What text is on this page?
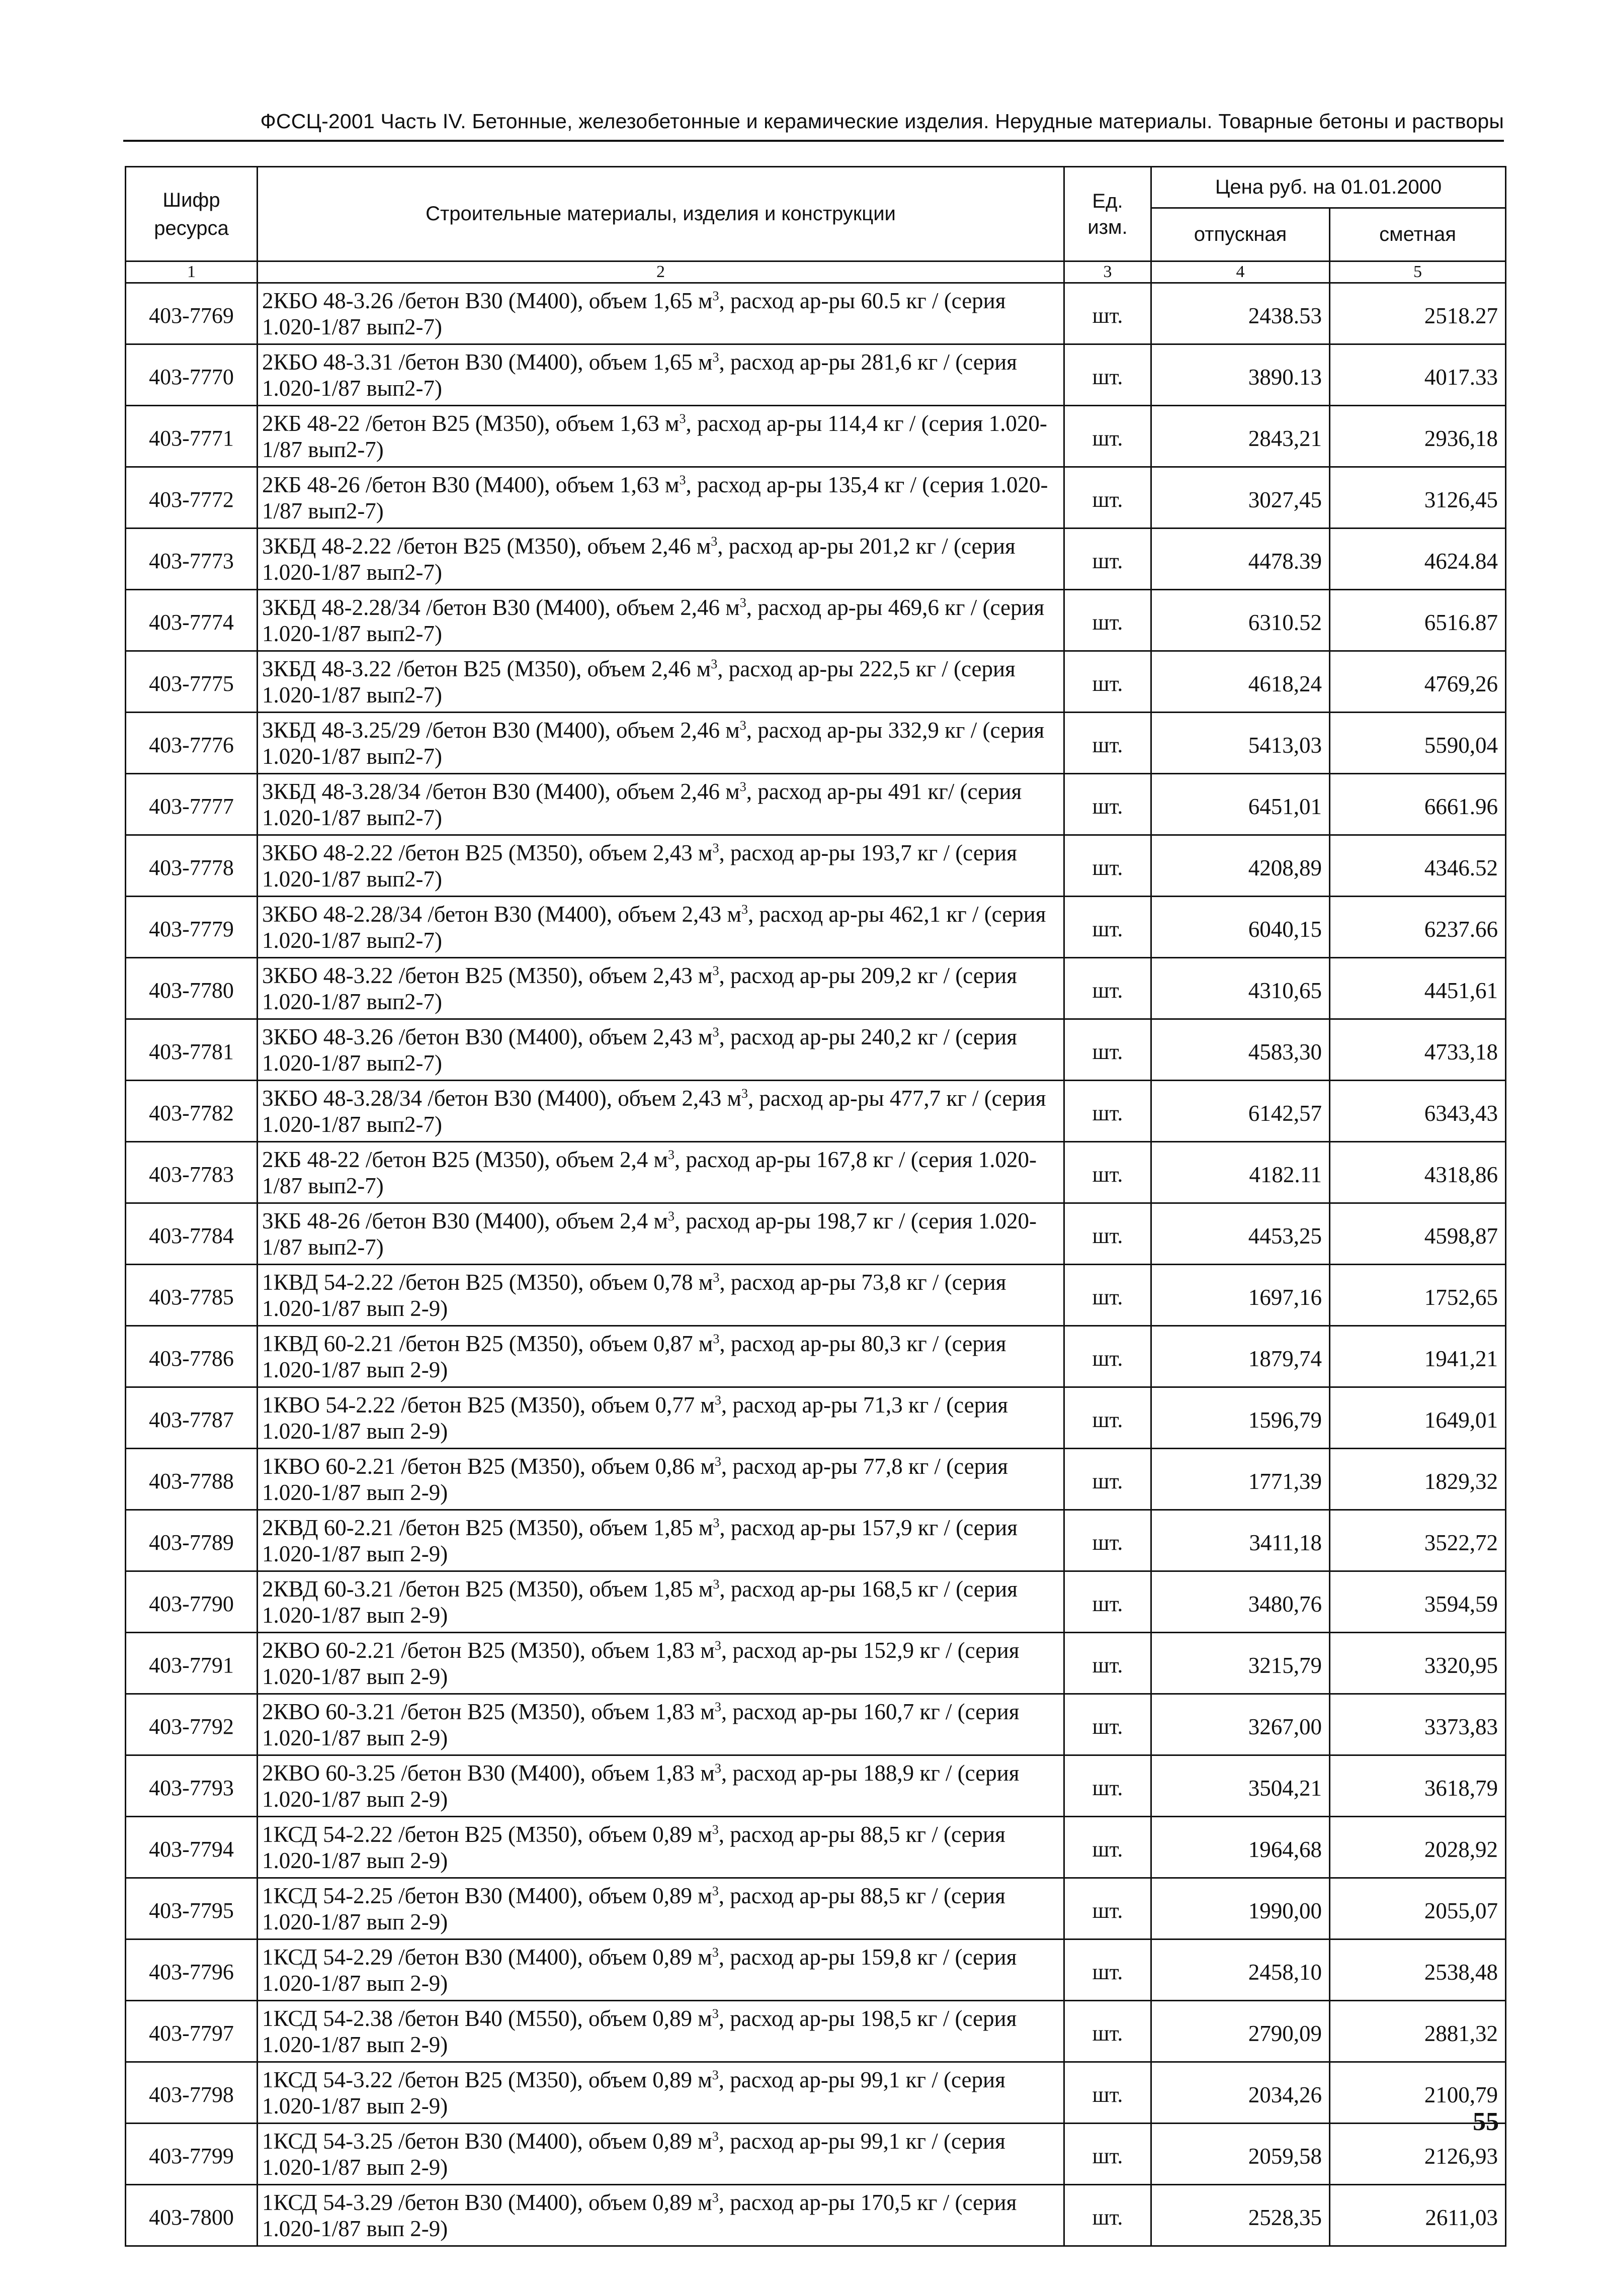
ФССЦ-2001 Часть IV. Бетонные, железобетонные и керамические изделия. Нерудные материалы. Товарные бетоны и растворы
Шифр ресурса	Строительные материалы, изделия и конструкции	Ед. изм.	Цена руб. на 01.01.2000	
			отпускная	сметная
1	2	3	4	5
403-7769	2КБО 48-3.26 /бетон В30 (М400), объем 1,65 $м^3$, расход ар-ры 60.5 кг / (серия 1.020-1/87 вып2-7)	шт.	2438.53	2518.27
403-7770	2КБО 48-3.31 /бетон В30 (М400), объем 1,65 $м^3$, расход ар-ры 281,6 кг / (серия 1.020-1/87 вып2-7)	шт.	3890.13	4017.33
403-7771	2КБ 48-22 /бетон В25 (М350), объем 1,63 $м^3$, расход ар-ры 114,4 кг / (серия 1.020-1/87 вып2-7)	шт.	2843,21	2936,18
403-7772	2КБ 48-26 /бетон В30 (М400), объем 1,63 $м^3$, расход ар-ры 135,4 кг / (серия 1.020-1/87 вып2-7)	шт.	3027,45	3126,45
403-7773	3КБД 48-2.22 /бетон В25 (М350), объем 2,46 $м^3$, расход ар-ры 201,2 кг / (серия 1.020-1/87 вып2-7)	шт.	4478.39	4624.84
403-7774	3КБД 48-2.28/34 /бетон В30 (М400), объем 2,46 $м^3$, расход ар-ры 469,6 кг / (серия 1.020-1/87 вып2-7)	шт.	6310.52	6516.87
403-7775	3КБД 48-3.22 /бетон В25 (М350), объем 2,46 $м^3$, расход ар-ры 222,5 кг / (серия 1.020-1/87 вып2-7)	шт.	4618,24	4769,26
403-7776	3КБД 48-3.25/29 /бетон В30 (М400), объем 2,46 $м^3$, расход ар-ры 332,9 кг / (серия 1.020-1/87 вып2-7)	шт.	5413,03	5590,04
403-7777	3КБД 48-3.28/34 /бетон В30 (М400), объем 2,46 $м^3$, расход ар-ры 491 кг/ (серия 1.020-1/87 вып2-7)	шт.	6451,01	6661.96
403-7778	3КБО 48-2.22 /бетон В25 (М350), объем 2,43 $м^3$, расход ар-ры 193,7 кг / (серия 1.020-1/87 вып2-7)	шт.	4208,89	4346.52
403-7779	3КБО 48-2.28/34 /бетон В30 (М400), объем 2,43 $м^3$, расход ар-ры 462,1 кг / (серия 1.020-1/87 вып2-7)	шт.	6040,15	6237.66
403-7780	3КБО 48-3.22 /бетон В25 (М350), объем 2,43 $м^3$, расход ар-ры 209,2 кг / (серия 1.020-1/87 вып2-7)	шт.	4310,65	4451,61
403-7781	3КБО 48-3.26 /бетон В30 (М400), объем 2,43 $м^3$, расход ар-ры 240,2 кг / (серия 1.020-1/87 вып2-7)	шт.	4583,30	4733,18
403-7782	3КБО 48-3.28/34 /бетон В30 (М400), объем 2,43 $м^3$, расход ар-ры 477,7 кг / (серия 1.020-1/87 вып2-7)	шт.	6142,57	6343,43
403-7783	2КБ 48-22 /бетон В25 (М350), объем 2,4 $м^3$, расход ар-ры 167,8 кг / (серия 1.020-1/87 вып2-7)	шт.	4182.11	4318,86
403-7784	3КБ 48-26 /бетон В30 (М400), объем 2,4 $м^3$, расход ар-ры 198,7 кг / (серия 1.020-1/87 вып2-7)	шт.	4453,25	4598,87
403-7785	1КВД 54-2.22 /бетон В25 (М350), объем 0,78 $м^3$, расход ар-ры 73,8 кг / (серия 1.020-1/87 вып 2-9)	шт.	1697,16	1752,65
403-7786	1КВД 60-2.21 /бетон В25 (М350), объем 0,87 $м^3$, расход ар-ры 80,3 кг / (серия 1.020-1/87 вып 2-9)	шт.	1879,74	1941,21
403-7787	1КВО 54-2.22 /бетон В25 (М350), объем 0,77 $м^3$, расход ар-ры 71,3 кг / (серия 1.020-1/87 вып 2-9)	шт.	1596,79	1649,01
403-7788	1КВО 60-2.21 /бетон В25 (М350), объем 0,86 $м^3$, расход ар-ры 77,8 кг / (серия 1.020-1/87 вып 2-9)	шт.	1771,39	1829,32
403-7789	2КВД 60-2.21 /бетон В25 (М350), объем 1,85 $м^3$, расход ар-ры 157,9 кг / (серия 1.020-1/87 вып 2-9)	шт.	3411,18	3522,72
403-7790	2КВД 60-3.21 /бетон В25 (М350), объем 1,85 $м^3$, расход ар-ры 168,5 кг / (серия 1.020-1/87 вып 2-9)	шт.	3480,76	3594,59
403-7791	2КВО 60-2.21 /бетон В25 (М350), объем 1,83 $м^3$, расход ар-ры 152,9 кг / (серия 1.020-1/87 вып 2-9)	шт.	3215,79	3320,95
403-7792	2КВО 60-3.21 /бетон В25 (М350), объем 1,83 $м^3$, расход ар-ры 160,7 кг / (серия 1.020-1/87 вып 2-9)	шт.	3267,00	3373,83
403-7793	2КВО 60-3.25 /бетон В30 (М400), объем 1,83 $м^3$, расход ар-ры 188,9 кг / (серия 1.020-1/87 вып 2-9)	шт.	3504,21	3618,79
403-7794	1КСД 54-2.22 /бетон В25 (М350), объем 0,89 $м^3$, расход ар-ры 88,5 кг / (серия 1.020-1/87 вып 2-9)	шт.	1964,68	2028,92
403-7795	1КСД 54-2.25 /бетон В30 (М400), объем 0,89 $м^3$, расход ар-ры 88,5 кг / (серия 1.020-1/87 вып 2-9)	шт.	1990,00	2055,07
403-7796	1КСД 54-2.29 /бетон В30 (М400), объем 0,89 $м^3$, расход ар-ры 159,8 кг / (серия 1.020-1/87 вып 2-9)	шт.	2458,10	2538,48
403-7797	1КСД 54-2.38 /бетон В40 (М550), объем 0,89 $м^3$, расход ар-ры 198,5 кг / (серия 1.020-1/87 вып 2-9)	шт.	2790,09	2881,32
403-7798	1КСД 54-3.22 /бетон В25 (М350), объем 0,89 $м^3$, расход ар-ры 99,1 кг / (серия 1.020-1/87 вып 2-9)	шт.	2034,26	2100,79
403-7799	1КСД 54-3.25 /бетон В30 (М400), объем 0,89 $м^3$, расход ар-ры 99,1 кг / (серия 1.020-1/87 вып 2-9)	шт.	2059,58	2126,93
403-7800	1КСД 54-3.29 /бетон В30 (М400), объем 0,89 $м^3$, расход ар-ры 170,5 кг / (серия 1.020-1/87 вып 2-9)	шт.	2528,35	2611,03
55
